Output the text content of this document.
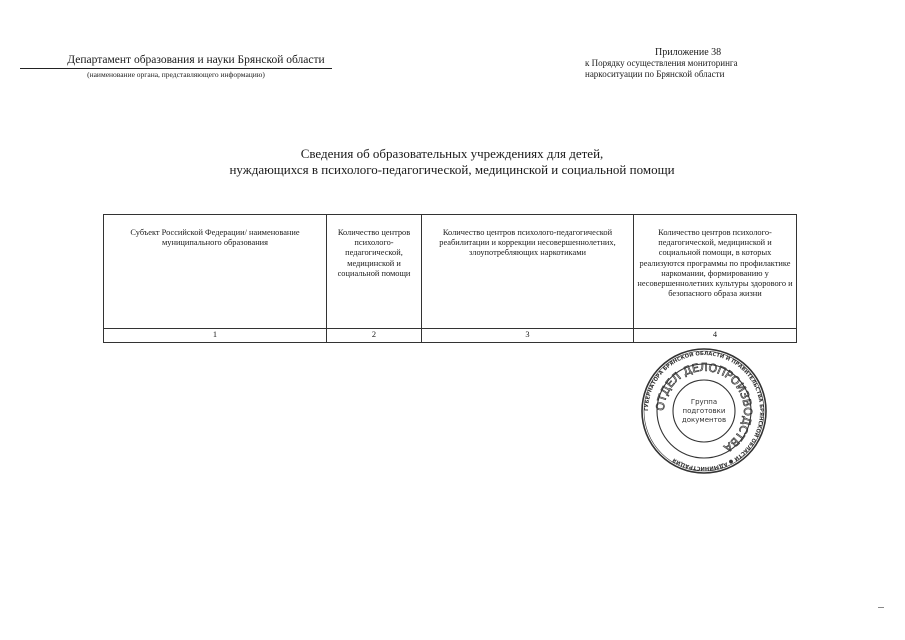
Департамент образования и науки Брянской области
(наименование органа, представляющего информацию)
Приложение 38
к Порядку осуществления мониторинга
наркоситуации по Брянской области
Сведения об образовательных учреждениях для детей,
нуждающихся в психолого-педагогической, медицинской и социальной помощи
Субъект Российской Федерации/ наименование муниципального образования	Количество центров психолого-педагогической, медицинской и социальной помощи	Количество центров психолого-педагогической реабилитации и коррекции несовершеннолетних, злоупотребляющих наркотиками	Количество центров психолого-педагогической, медицинской и социальной помощи, в которых реализуются программы по профилактике наркомании, формированию у несовершеннолетних культуры здорового и безопасного образа жизни
1	2	3	4
ГУБЕРНАТОРА БРЯНСКОЙ ОБЛАСТИ И ПРАВИТЕЛЬСТВА БРЯНСКОЙ ОБЛАСТИ ● АДМИНИСТРАЦИЯ
ОТДЕЛ ДЕЛОПРОИЗВОДСТВА
Группа
подготовки
документов
